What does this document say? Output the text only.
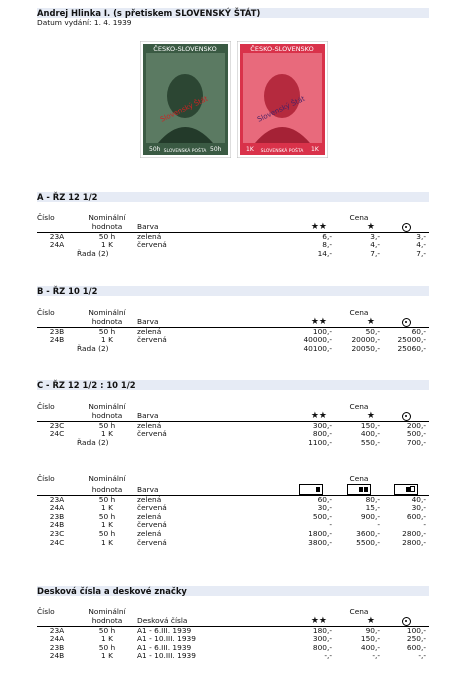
Andrej Hlinka I. (s přetiskem SLOVENSKÝ ŠTÁT)
Datum vydání: 1. 4. 1939
ČESKO-SLOVENSKO
SLOVENSKÁ POŠTA
50h	50h
Slovenský Štát
ČESKO-SLOVENSKO
SLOVENSKÁ POŠTA
1K	1K
Slovenský Štát
A - ŘZ 12 1/2
Číslo	Nominální			Cena	
	hodnota	Barva	★★	★	
23A	50 h	zelená	6,-	3,-	3,-
24A	1 K	červená	8,-	4,-	4,-
	Řada (2)		14,-	7,-	7,-
B - ŘZ 10 1/2
Číslo	Nominální			Cena	
	hodnota	Barva	★★	★	
23B	50 h	zelená	100,-	50,-	60,-
24B	1 K	červená	40000,-	20000,-	25000,-
	Řada (2)		40100,-	20050,-	25060,-
C - ŘZ 12 1/2 : 10 1/2
Číslo	Nominální			Cena	
	hodnota	Barva	★★	★	
23C	50 h	zelená	300,-	150,-	200,-
24C	1 K	červená	800,-	400,-	500,-
	Řada (2)		1100,-	550,-	700,-
Číslo	Nominální			Cena	
	hodnota	Barva	

23A	50 h	zelená	60,-	80,-	40,-
24A	1 K	červená	30,-	15,-	30,-
23B	50 h	zelená	500,-	900,-	600,-
24B	1 K	červená	-	-	-
23C	50 h	zelená	1800,-	3600,-	2800,-
24C	1 K	červená	3800,-	5500,-	2800,-
Desková čísla a deskové značky
Číslo	Nominální			Cena	
	hodnota	Desková čísla	★★	★	
23A	50 h	A1 - 6.III. 1939	180,-	90,-	100,-
24A	1 K	A1 - 10.III. 1939	300,-	150,-	250,-
23B	50 h	A1 - 6.III. 1939	800,-	400,-	600,-
24B	1 K	A1 - 10.III. 1939	-,-	-,-	-,-
